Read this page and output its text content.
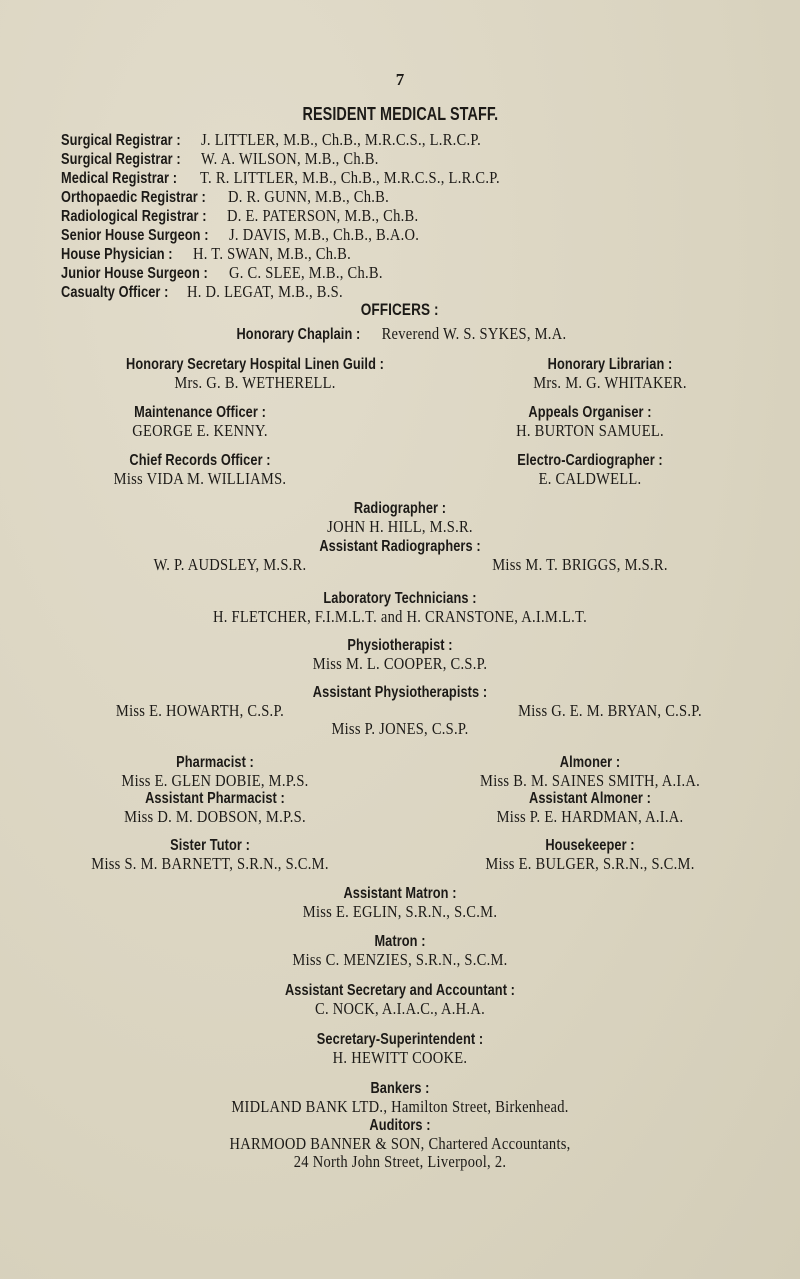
7
RESIDENT MEDICAL STAFF.
Surgical Registrar : J. LITTLER, M.B., Ch.B., M.R.C.S., L.R.C.P.
Surgical Registrar : W. A. WILSON, M.B., Ch.B.
Medical Registrar : T. R. LITTLER, M.B., Ch.B., M.R.C.S., L.R.C.P.
Orthopaedic Registrar : D. R. GUNN, M.B., Ch.B.
Radiological Registrar : D. E. PATERSON, M.B., Ch.B.
Senior House Surgeon : J. DAVIS, M.B., Ch.B., B.A.O.
House Physician : H. T. SWAN, M.B., Ch.B.
Junior House Surgeon : G. C. SLEE, M.B., Ch.B.
Casualty Officer : H. D. LEGAT, M.B., B.S.
OFFICERS :
Honorary Chaplain : Reverend W. S. SYKES, M.A.
Honorary Secretary Hospital Linen Guild :
Mrs. G. B. WETHERELL.
Honorary Librarian :
Mrs. M. G. WHITAKER.
Maintenance Officer :
GEORGE E. KENNY.
Appeals Organiser :
H. BURTON SAMUEL.
Chief Records Officer :
Miss VIDA M. WILLIAMS.
Electro-Cardiographer :
E. CALDWELL.
Radiographer :
JOHN H. HILL, M.S.R.
Assistant Radiographers :
W. P. AUDSLEY, M.S.R.	Miss M. T. BRIGGS, M.S.R.
Laboratory Technicians :
H. FLETCHER, F.I.M.L.T. and H. CRANSTONE, A.I.M.L.T.
Physiotherapist :
Miss M. L. COOPER, C.S.P.
Assistant Physiotherapists :
Miss E. HOWARTH, C.S.P.	Miss G. E. M. BRYAN, C.S.P.
Miss P. JONES, C.S.P.
Pharmacist :
Miss E. GLEN DOBIE, M.P.S.
Almoner :
Miss B. M. SAINES SMITH, A.I.A.
Assistant Pharmacist :
Miss D. M. DOBSON, M.P.S.
Assistant Almoner :
Miss P. E. HARDMAN, A.I.A.
Sister Tutor :
Miss S. M. BARNETT, S.R.N., S.C.M.
Housekeeper :
Miss E. BULGER, S.R.N., S.C.M.
Assistant Matron :
Miss E. EGLIN, S.R.N., S.C.M.
Matron :
Miss C. MENZIES, S.R.N., S.C.M.
Assistant Secretary and Accountant :
C. NOCK, A.I.A.C., A.H.A.
Secretary-Superintendent :
H. HEWITT COOKE.
Bankers :
MIDLAND BANK LTD., Hamilton Street, Birkenhead.
Auditors :
HARMOOD BANNER & SON, Chartered Accountants,
24 North John Street, Liverpool, 2.
